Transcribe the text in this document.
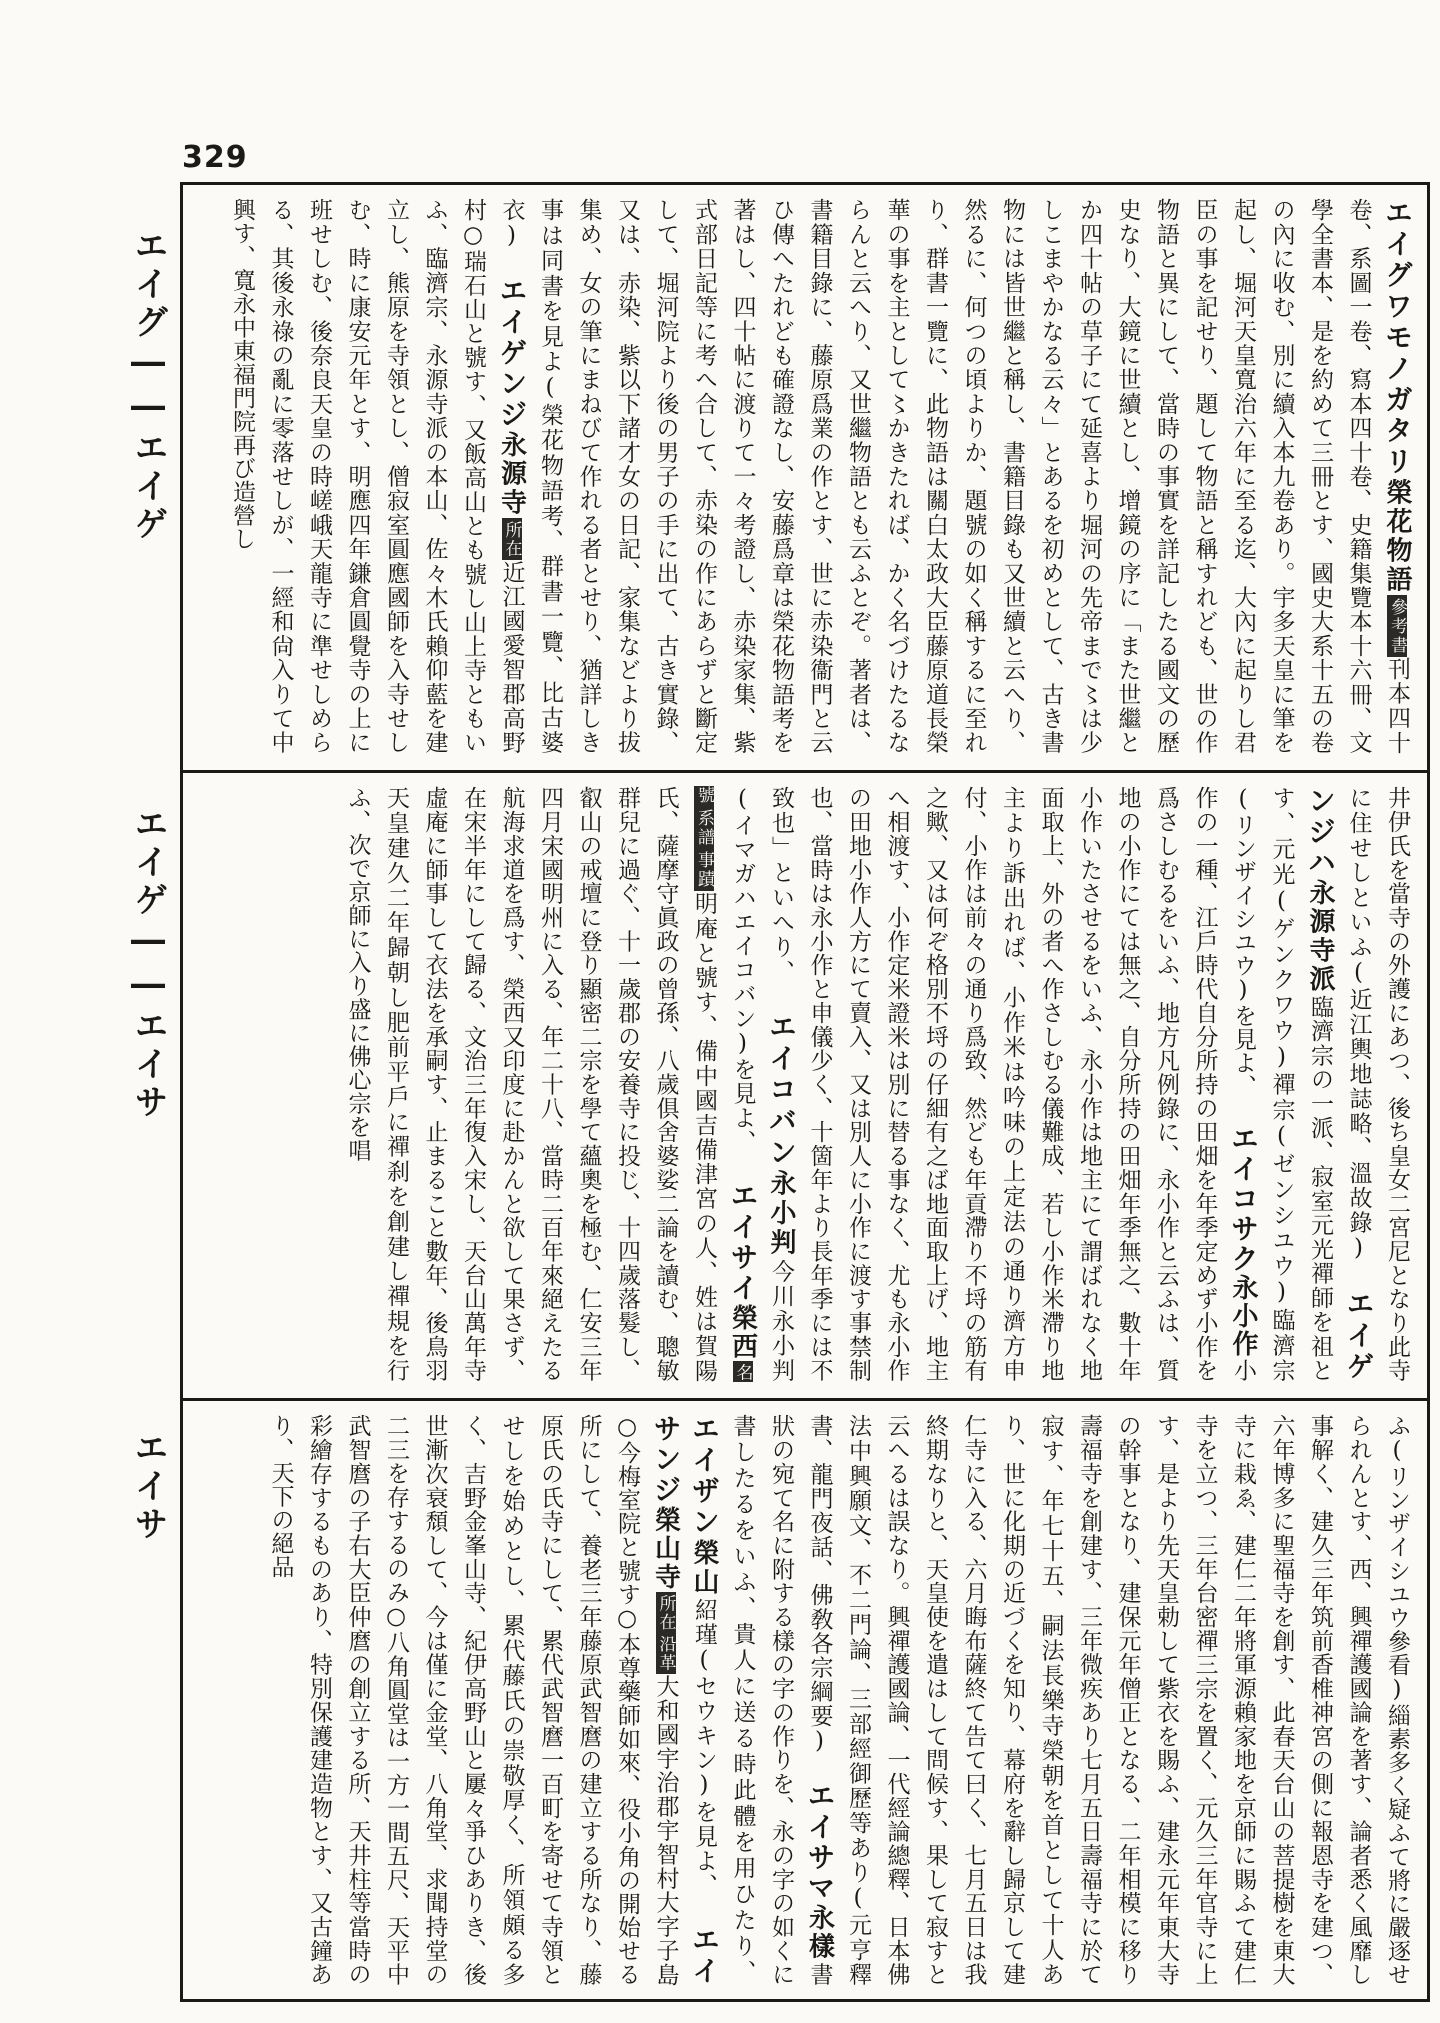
329
エイグ――エイゲ
エイゲ――エイサ
エイサ
エイグワモノガタリ榮花物語參考書刊本四十卷、系圖一卷、寫本四十卷、史籍集覽本十六冊、文學全書本、是を約めて三冊とす、國史大系十五の卷の內に收む、別に續入本九卷あり。宇多天皇に筆を起し、堀河天皇寬治六年に至る迄、大內に起りし君臣の事を記せり、題して物語と稱すれども、世の作物語と異にして、當時の事實を詳記したる國文の歷史なり、大鏡に世續とし、增鏡の序に「また世繼とか四十帖の草子にて延喜より堀河の先帝まで〻は少しこまやかなる云々」とあるを初めとして、古き書物には皆世繼と稱し、書籍目錄も又世續と云へり、然るに、何つの頃よりか、題號の如く稱するに至れり、群書一覽に、此物語は關白太政大臣藤原道長榮華の事を主として〻かきたれば、かく名づけたるならんと云へり、又世繼物語とも云ふとぞ。著者は、書籍目錄に、藤原爲業の作とす、世に赤染衞門と云ひ傳へたれども確證なし、安藤爲章は榮花物語考を著はし、四十帖に渡りて一々考證し、赤染家集、紫式部日記等に考へ合して、赤染の作にあらずと斷定して、堀河院より後の男子の手に出て、古き實錄、又は、赤染、紫以下諸才女の日記、家集などより拔集め、女の筆にまねびて作れる者とせり、猶詳しき事は同書を見よ(榮花物語考、群書一覽、比古婆衣) エイゲンジ永源寺所在近江國愛智郡高野村○瑞石山と號す、又飯高山とも號し山上寺ともいふ、臨濟宗、永源寺派の本山、佐々木氏賴仰藍を建立し、熊原を寺領とし、僧寂室圓應國師を入寺せしむ、時に康安元年とす、明應四年鎌倉圓覺寺の上に班せしむ、後奈良天皇の時嵯峨天龍寺に準せしめらる、其後永祿の亂に零落せしが、一經和尙入りて中興す、寬永中東福門院再び造營し
井伊氏を當寺の外護にあつ、後ち皇女二宮尼となり此寺に住せしといふ(近江輿地誌略、溫故錄) エイゲンジハ永源寺派臨濟宗の一派、寂室元光禪師を祖とす、元光(ゲンクワウ)禪宗(ゼンシユウ)臨濟宗(リンザイシユウ)を見よ、 エイコサク永小作小作の一種、江戶時代自分所持の田畑を年季定めず小作を爲さしむるをいふ、地方凡例錄に、永小作と云ふは、質地の小作にては無之、自分所持の田畑年季無之、數十年小作いたさせるをいふ、永小作は地主にて謂ばれなく地面取上、外の者へ作さしむる儀難成、若し小作米滯り地主より訴出れば、小作米は吟味の上定法の通り濟方申付、小作は前々の通り爲致、然ども年貢滯り不埒の筋有之歟、又は何ぞ格別不埒の仔細有之ば地面取上げ、地主へ相渡す、小作定米證米は別に替る事なく、尤も永小作の田地小作人方にて賣入、又は別人に小作に渡す事禁制也、當時は永小作と申儀少く、十箇年より長年季には不致也」といへり、 エイコバン永小判今川永小判(イマガハエイコバン)を見よ、 エイサイ榮西名號系譜事蹟明庵と號す、備中國吉備津宮の人、姓は賀陽氏、薩摩守眞政の曾孫、八歲俱舍婆娑二論を讀む、聰敏群兒に過ぐ、十一歲郡の安養寺に投じ、十四歲落髮し、叡山の戒壇に登り顯密二宗を學て蘊奧を極む、仁安三年四月宋國明州に入る、年二十八、當時二百年來絕えたる航海求道を爲す、榮西又印度に赴かんと欲して果さず、在宋半年にして歸る、文治三年復入宋し、天台山萬年寺虛庵に師事して衣法を承嗣す、止まること數年、後鳥羽天皇建久二年歸朝し肥前平戶に禪刹を創建し禪規を行ふ、次で京師に入り盛に佛心宗を唱
ふ(リンザイシユウ參看)緇素多く疑ふて將に嚴逐せられんとす、西、興禪護國論を著す、論者悉く風靡し事解く、建久三年筑前香椎神宮の側に報恩寺を建つ、六年博多に聖福寺を創す、此春天台山の菩提樹を東大寺に栽ゑ、建仁二年將軍源賴家地を京師に賜ふて建仁寺を立つ、三年台密禪三宗を置く、元久三年官寺に上す、是より先天皇勅して紫衣を賜ふ、建永元年東大寺の幹事となり、建保元年僧正となる、二年相模に移り壽福寺を創建す、三年微疾あり七月五日壽福寺に於て寂す、年七十五、嗣法長樂寺榮朝を首として十人あり、世に化期の近づくを知り、幕府を辭し歸京して建仁寺に入る、六月晦布薩終て告て曰く、七月五日は我終期なりと、天皇使を遣はして問候す、果して寂すと云へるは誤なり。興禪護國論、一代經論總釋、日本佛法中興願文、不二門論、三部經御歷等あり(元亨釋書、龍門夜話、佛敎各宗綱要) エイサマ永樣書狀の宛て名に附する樣の字の作りを、永の字の如くに書したるをいふ、貴人に送る時此體を用ひたり、 エイザン榮山紹瑾(セウキン)を見よ、 エイサンジ榮山寺所在沿革大和國宇治郡宇智村大字子島○今梅室院と號す○本尊藥師如來、役小角の開始せる所にして、養老三年藤原武智麿の建立する所なり、藤原氏の氏寺にして、累代武智麿一百町を寄せて寺領とせしを始めとし、累代藤氏の崇敬厚く、所領頗る多く、吉野金峯山寺、紀伊高野山と屢々爭ひありき、後世漸次衰頹して、今は僅に金堂、八角堂、求聞持堂の二三を存するのみ○八角圓堂は一方一間五尺、天平中武智麿の子右大臣仲麿の創立する所、天井柱等當時の彩繪存するものあり、特別保護建造物とす、又古鐘あり、天下の絕品
